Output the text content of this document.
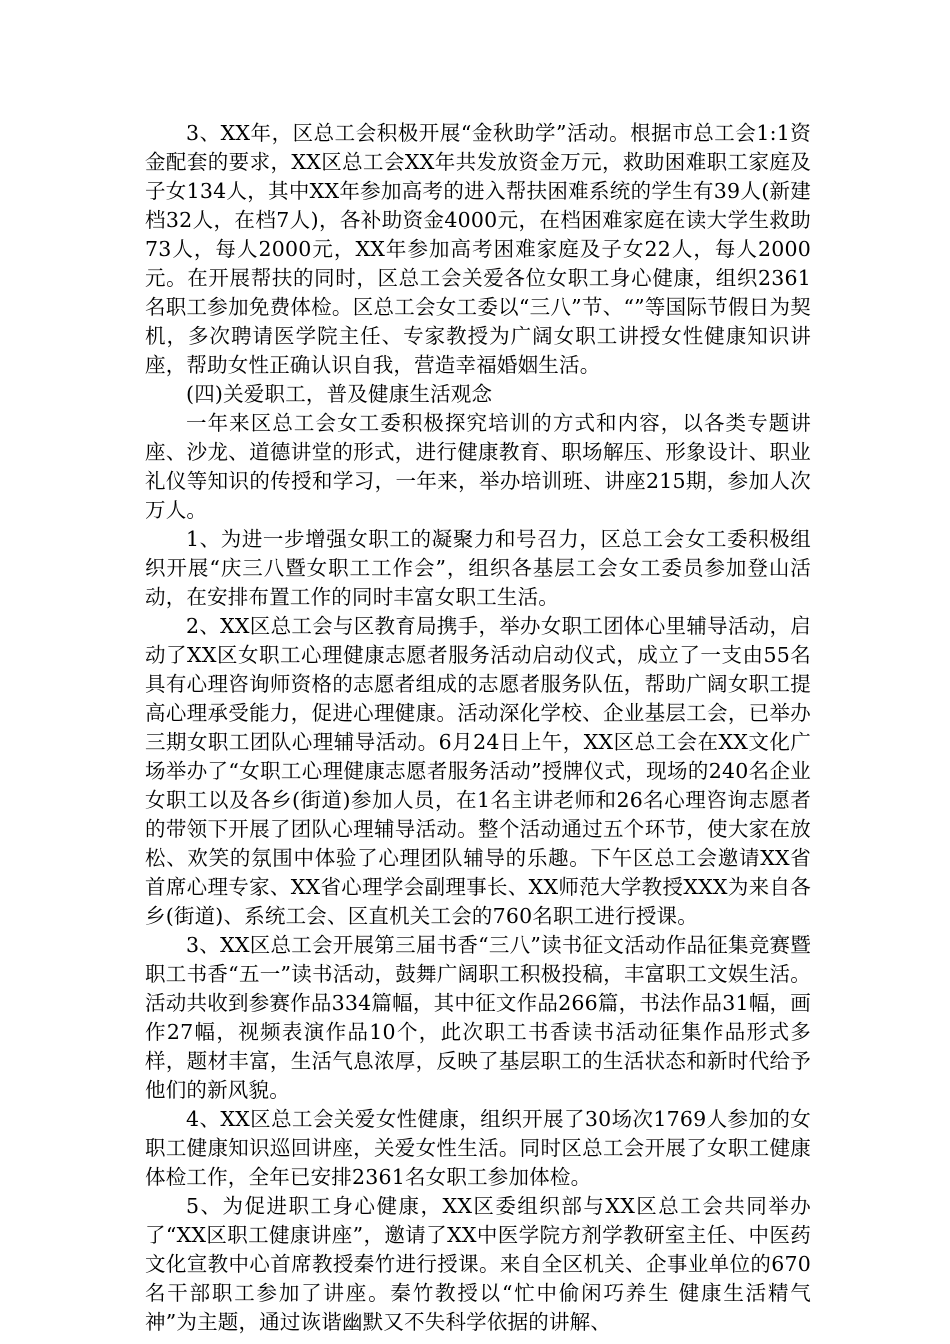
3、XX年，区总工会积极开展“金秋助学”活动。根据市总工会1:1资金配套的要求，XX区总工会XX年共发放资金万元，救助困难职工家庭及子女134人，其中XX年参加高考的进入帮扶困难系统的学生有39人(新建档32人，在档7人)，各补助资金4000元，在档困难家庭在读大学生救助73人，每人2000元，XX年参加高考困难家庭及子女22人，每人2000元。在开展帮扶的同时，区总工会关爱各位女职工身心健康，组织2361名职工参加免费体检。区总工会女工委以“三八”节、“”等国际节假日为契机，多次聘请医学院主任、专家教授为广阔女职工讲授女性健康知识讲座，帮助女性正确认识自我，营造幸福婚姻生活。

(四)关爱职工，普及健康生活观念

一年来区总工会女工委积极探究培训的方式和内容，以各类专题讲座、沙龙、道德讲堂的形式，进行健康教育、职场解压、形象设计、职业礼仪等知识的传授和学习，一年来，举办培训班、讲座215期，参加人次万人。

1、为进一步增强女职工的凝聚力和号召力，区总工会女工委积极组织开展“庆三八暨女职工工作会”，组织各基层工会女工委员参加登山活动，在安排布置工作的同时丰富女职工生活。

2、XX区总工会与区教育局携手，举办女职工团体心里辅导活动，启动了XX区女职工心理健康志愿者服务活动启动仪式，成立了一支由55名具有心理咨询师资格的志愿者组成的志愿者服务队伍，帮助广阔女职工提高心理承受能力，促进心理健康。活动深化学校、企业基层工会，已举办三期女职工团队心理辅导活动。6月24日上午，XX区总工会在XX文化广场举办了“女职工心理健康志愿者服务活动”授牌仪式，现场的240名企业女职工以及各乡(街道)参加人员，在1名主讲老师和26名心理咨询志愿者的带领下开展了团队心理辅导活动。整个活动通过五个环节，使大家在放松、欢笑的氛围中体验了心理团队辅导的乐趣。下午区总工会邀请XX省首席心理专家、XX省心理学会副理事长、XX师范大学教授XXX为来自各乡(街道)、系统工会、区直机关工会的760名职工进行授课。

3、XX区总工会开展第三届书香“三八”读书征文活动作品征集竞赛暨职工书香“五一”读书活动，鼓舞广阔职工积极投稿，丰富职工文娱生活。活动共收到参赛作品334篇幅，其中征文作品266篇，书法作品31幅，画作27幅，视频表演作品10个，此次职工书香读书活动征集作品形式多样，题材丰富，生活气息浓厚，反映了基层职工的生活状态和新时代给予他们的新风貌。

4、XX区总工会关爱女性健康，组织开展了30场次1769人参加的女职工健康知识巡回讲座，关爱女性生活。同时区总工会开展了女职工健康体检工作，全年已安排2361名女职工参加体检。

5、为促进职工身心健康，XX区委组织部与XX区总工会共同举办了“XX区职工健康讲座”，邀请了XX中医学院方剂学教研室主任、中医药文化宣教中心首席教授秦竹进行授课。来自全区机关、企事业单位的670名干部职工参加了讲座。秦竹教授以“忙中偷闲巧养生 健康生活精气神”为主题，通过诙谐幽默又不失科学依据的讲解、
